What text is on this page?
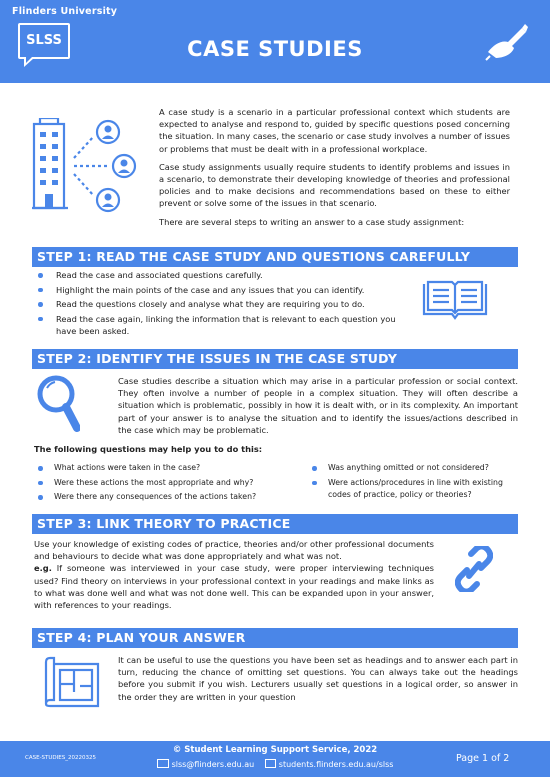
Flinders University
SLSS	CASE STUDIES

A case study is a scenario in a particular professional context which students are expected to analyse and respond to, guided by specific questions posed concerning the situation. In many cases, the scenario or case study involves a number of issues or problems that must be dealt with in a professional workplace.

Case study assignments usually require students to identify problems and issues in a scenario, to demonstrate their developing knowledge of theories and professional policies and to make decisions and recommendations based on these to either prevent or solve some of the issues in that scenario.

There are several steps to writing an answer to a case study assignment:

STEP 1: READ THE CASE STUDY AND QUESTIONS CAREFULLY
Read the case and associated questions carefully.
Highlight the main points of the case and any issues that you can identify.
Read the questions closely and analyse what they are requiring you to do.
Read the case again, linking the information that is relevant to each question you have been asked.
STEP 2: IDENTIFY THE ISSUES IN THE CASE STUDY
Case studies describe a situation which may arise in a particular profession or social context. They often involve a number of people in a complex situation. They will often describe a situation which is problematic, possibly in how it is dealt with, or in its complexity. An important part of your answer is to analyse the situation and to identify the issues/actions described in the case which may be problematic.
The following questions may help you to do this:
What actions were taken in the case?
Were these actions the most appropriate and why?
Were there any consequences of the actions taken?
Was anything omitted or not considered?
Were actions/procedures in line with existing codes of practice, policy or theories?
STEP 3: LINK THEORY TO PRACTICE
Use your knowledge of existing codes of practice, theories and/or other professional documents and behaviours to decide what was done appropriately and what was not.
e.g. If someone was interviewed in your case study, were proper interviewing techniques used? Find theory on interviews in your professional context in your readings and make links as to what was done well and what was not done well. This can be expanded upon in your answer, with references to your readings.
STEP 4: PLAN YOUR ANSWER
It can be useful to use the questions you have been set as headings and to answer each part in turn, reducing the chance of omitting set questions. You can always take out the headings before you submit if you wish. Lecturers usually set questions in a logical order, so answer in the order they are written in your question
CASE-STUDIES_20220325
© Student Learning Support Service, 2022
slss@flinders.edu.au	students.flinders.edu.au/slss
Page 1 of 2
